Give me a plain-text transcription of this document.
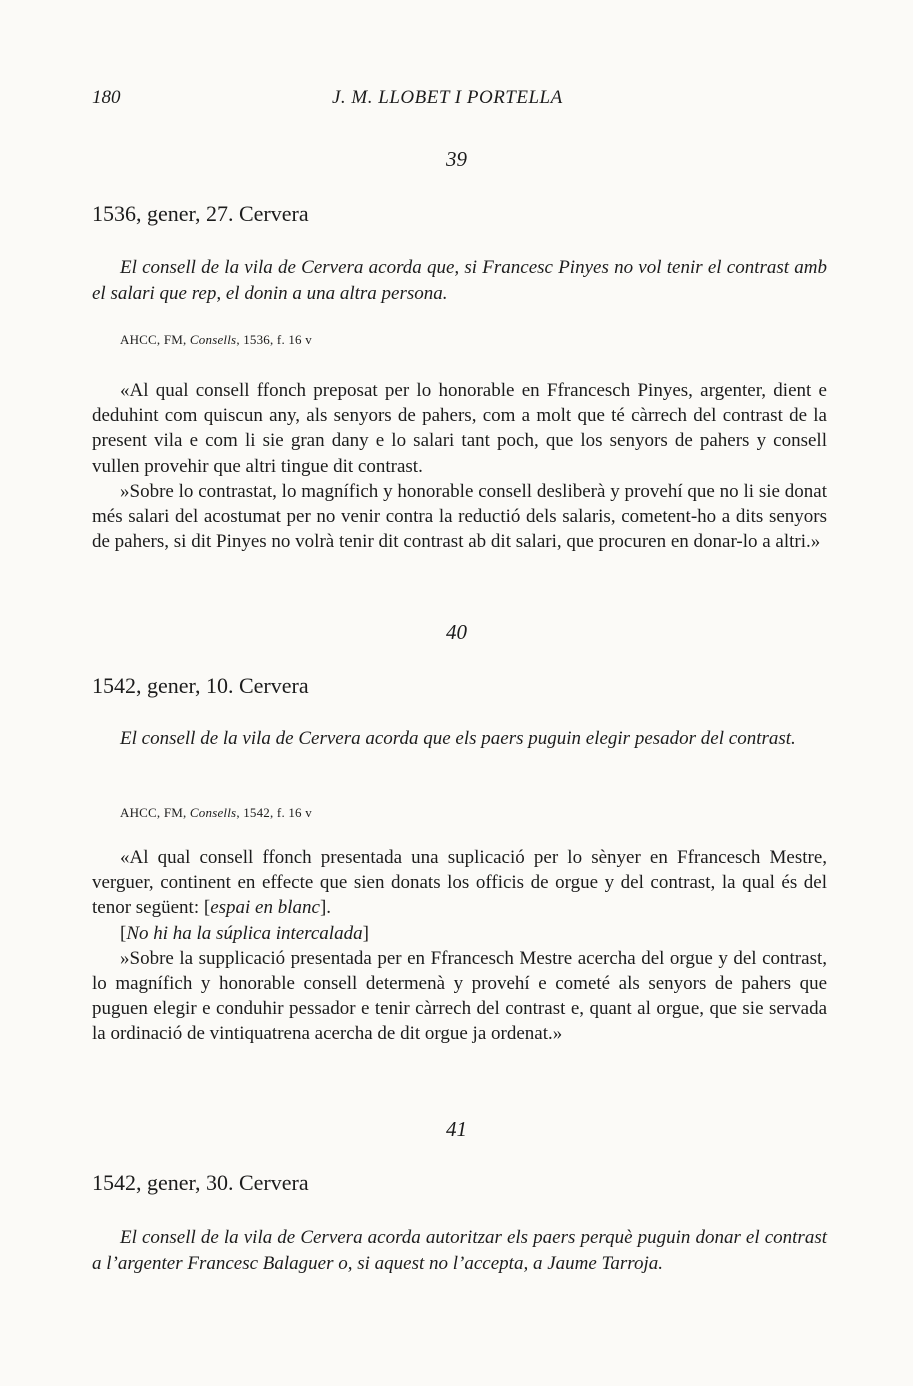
180	J. M. LLOBET I PORTELLA
39
1536, gener, 27. Cervera

El consell de la vila de Cervera acorda que, si Francesc Pinyes no vol tenir el contrast amb el salari que rep, el donin a una altra persona.

AHCC, FM, Consells, 1536, f. 16 v

«Al qual consell ffonch preposat per lo honorable en Ffrancesch Pinyes, argenter, dient e deduhint com quiscun any, als senyors de pahers, com a molt que té càrrech del contrast de la present vila e com li sie gran dany e lo salari tant poch, que los senyors de pahers y consell vullen provehir que altri tingue dit contrast.

»Sobre lo contrastat, lo magnífich y honorable consell desliberà y provehí que no li sie donat més salari del acostumat per no venir contra la reductió dels salaris, cometent-ho a dits senyors de pahers, si dit Pinyes no volrà tenir dit contrast ab dit salari, que procuren en donar-lo a altri.»

40
1542, gener, 10. Cervera

El consell de la vila de Cervera acorda que els paers puguin elegir pesador del contrast.

AHCC, FM, Consells, 1542, f. 16 v

«Al qual consell ffonch presentada una suplicació per lo sènyer en Ffrancesch Mestre, verguer, continent en effecte que sien donats los officis de orgue y del contrast, la qual és del tenor següent: [espai en blanc].

[No hi ha la súplica intercalada]

»Sobre la supplicació presentada per en Ffrancesch Mestre acercha del orgue y del contrast, lo magnífich y honorable consell determenà y provehí e cometé als senyors de pahers que puguen elegir e conduhir pessador e tenir càrrech del contrast e, quant al orgue, que sie servada la ordinació de vintiquatrena acercha de dit orgue ja ordenat.»

41
1542, gener, 30. Cervera

El consell de la vila de Cervera acorda autoritzar els paers perquè puguin donar el contrast a l’argenter Francesc Balaguer o, si aquest no l’accepta, a Jaume Tarroja.
